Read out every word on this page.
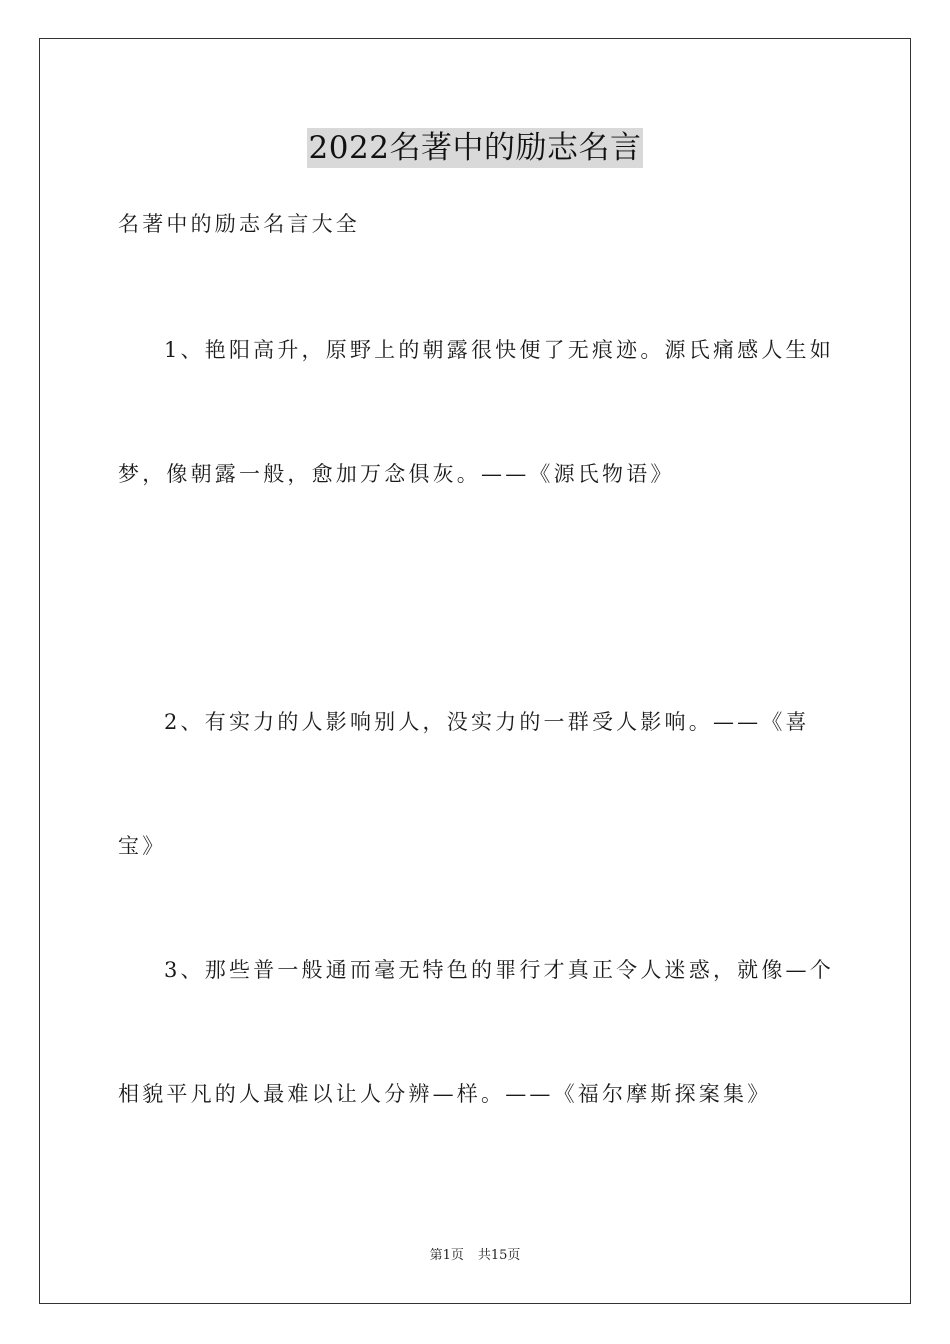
2022名著中的励志名言
名著中的励志名言大全
1、艳阳高升，原野上的朝露很快便了无痕迹。源氏痛感人生如
梦，像朝露一般，愈加万念俱灰。——《源氏物语》
2、有实力的人影响别人，没实力的一群受人影响。——《喜
宝》
3、那些普一般通而毫无特色的罪行才真正令人迷惑，就像—个
相貌平凡的人最难以让人分辨—样。——《福尔摩斯探案集》
第1页 共15页
